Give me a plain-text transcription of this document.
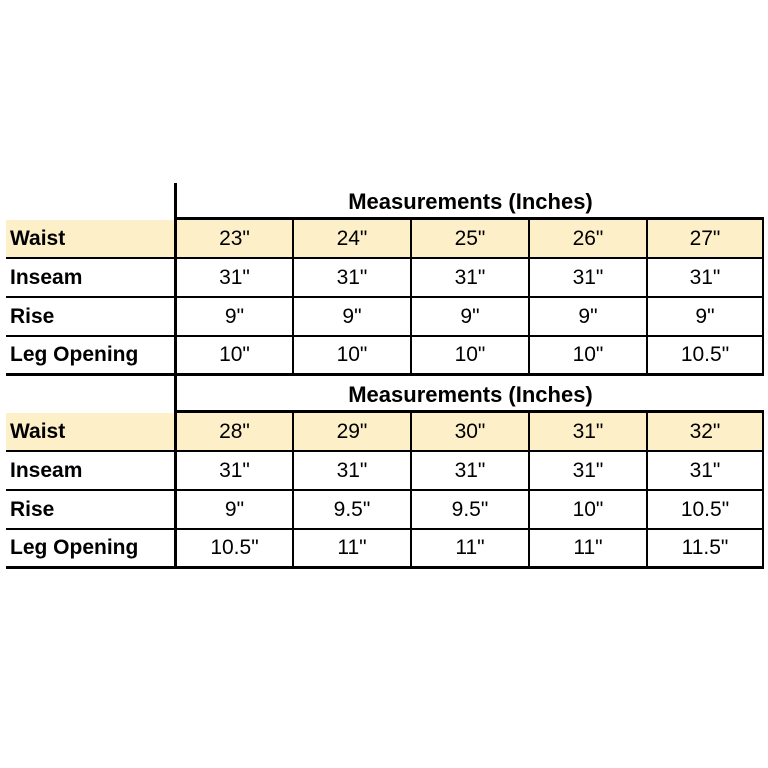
Measurements (Inches)
Waist	23"	24"	25"	26"	27"
Inseam	31"	31"	31"	31"	31"
Rise	9"	9"	9"	9"	9"
Leg Opening	10"	10"	10"	10"	10.5"
Measurements (Inches)
Waist	28"	29"	30"	31"	32"
Inseam	31"	31"	31"	31"	31"
Rise	9"	9.5"	9.5"	10"	10.5"
Leg Opening	10.5"	11"	11"	11"	11.5"
